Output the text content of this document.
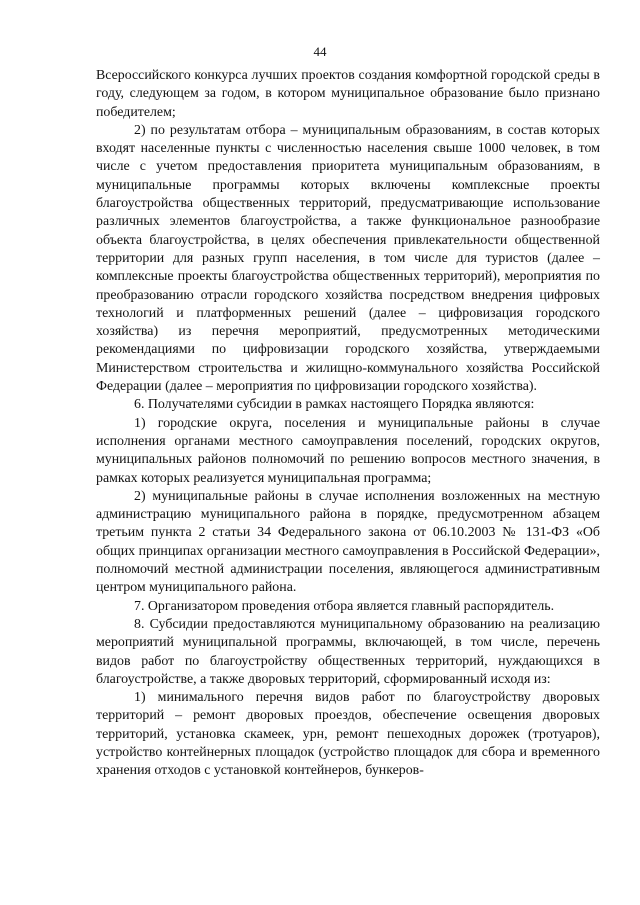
44

Всероссийского конкурса лучших проектов создания комфортной городской среды в году, следующем за годом, в котором муниципальное образование было признано победителем;

2) по результатам отбора – муниципальным образованиям, в состав которых входят населенные пункты с численностью населения свыше 1000 человек, в том числе с учетом предоставления приоритета муниципальным образованиям, в муниципальные программы которых включены комплексные проекты благоустройства общественных территорий, предусматривающие использование различных элементов благоустройства, а также функциональное разнообразие объекта благоустройства, в целях обеспечения привлекательности общественной территории для разных групп населения, в том числе для туристов (далее – комплексные проекты благоустройства общественных территорий), мероприятия по преобразованию отрасли городского хозяйства посредством внедрения цифровых технологий и платформенных решений (далее – цифровизация городского хозяйства) из перечня мероприятий, предусмотренных методическими рекомендациями по цифровизации городского хозяйства, утверждаемыми Министерством строительства и жилищно-коммунального хозяйства Российской Федерации (далее – мероприятия по цифровизации городского хозяйства).

6. Получателями субсидии в рамках настоящего Порядка являются:

1) городские округа, поселения и муниципальные районы в случае исполнения органами местного самоуправления поселений, городских округов, муниципальных районов полномочий по решению вопросов местного значения, в рамках которых реализуется муниципальная программа;

2) муниципальные районы в случае исполнения возложенных на местную администрацию муниципального района в порядке, предусмотренном абзацем третьим пункта 2 статьи 34 Федерального закона от 06.10.2003 № 131-ФЗ «Об общих принципах организации местного самоуправления в Российской Федерации», полномочий местной администрации поселения, являющегося административным центром муниципального района.

7. Организатором проведения отбора является главный распорядитель.

8. Субсидии предоставляются муниципальному образованию на реализацию мероприятий муниципальной программы, включающей, в том числе, перечень видов работ по благоустройству общественных территорий, нуждающихся в благоустройстве, а также дворовых территорий, сформированный исходя из:

1) минимального перечня видов работ по благоустройству дворовых территорий – ремонт дворовых проездов, обеспечение освещения дворовых территорий, установка скамеек, урн, ремонт пешеходных дорожек (тротуаров), устройство контейнерных площадок (устройство площадок для сбора и временного хранения отходов с установкой контейнеров, бункеров-
